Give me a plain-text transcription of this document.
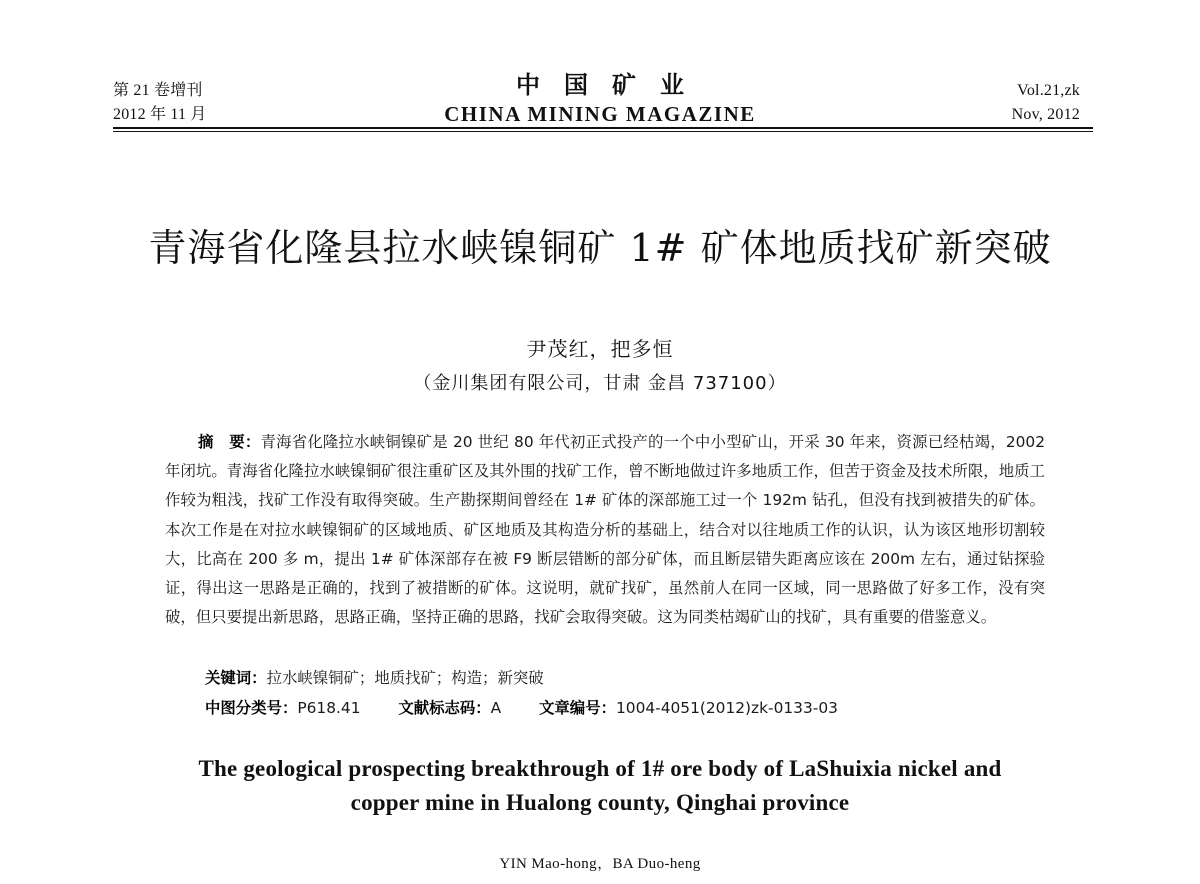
第 21 卷增刊
2012 年 11 月
中国矿业
CHINA MINING MAGAZINE
Vol.21,zk
Nov, 2012
青海省化隆县拉水峡镍铜矿 1# 矿体地质找矿新突破
尹茂红，把多恒
（金川集团有限公司，甘肃 金昌 737100）
摘　要：青海省化隆拉水峡铜镍矿是 20 世纪 80 年代初正式投产的一个中小型矿山，开采 30 年来，资源已经枯竭，2002 年闭坑。青海省化隆拉水峡镍铜矿很注重矿区及其外围的找矿工作，曾不断地做过许多地质工作，但苦于资金及技术所限，地质工作较为粗浅，找矿工作没有取得突破。生产勘探期间曾经在 1# 矿体的深部施工过一个 192m 钻孔，但没有找到被措失的矿体。本次工作是在对拉水峡镍铜矿的区域地质、矿区地质及其构造分析的基础上，结合对以往地质工作的认识，认为该区地形切割较大，比高在 200 多 m，提出 1# 矿体深部存在被 F9 断层错断的部分矿体，而且断层错失距离应该在 200m 左右，通过钻探验证，得出这一思路是正确的，找到了被措断的矿体。这说明，就矿找矿，虽然前人在同一区域，同一思路做了好多工作，没有突破，但只要提出新思路，思路正确，坚持正确的思路，找矿会取得突破。这为同类枯竭矿山的找矿，具有重要的借鉴意义。
关键词：拉水峡镍铜矿；地质找矿；构造；新突破
中图分类号：P618.41 文献标志码：A 文章编号：1004-4051(2012)zk-0133-03
The geological prospecting breakthrough of 1# ore body of LaShuixia nickel and
copper mine in Hualong county, Qinghai province
YIN Mao-hong，BA Duo-heng
